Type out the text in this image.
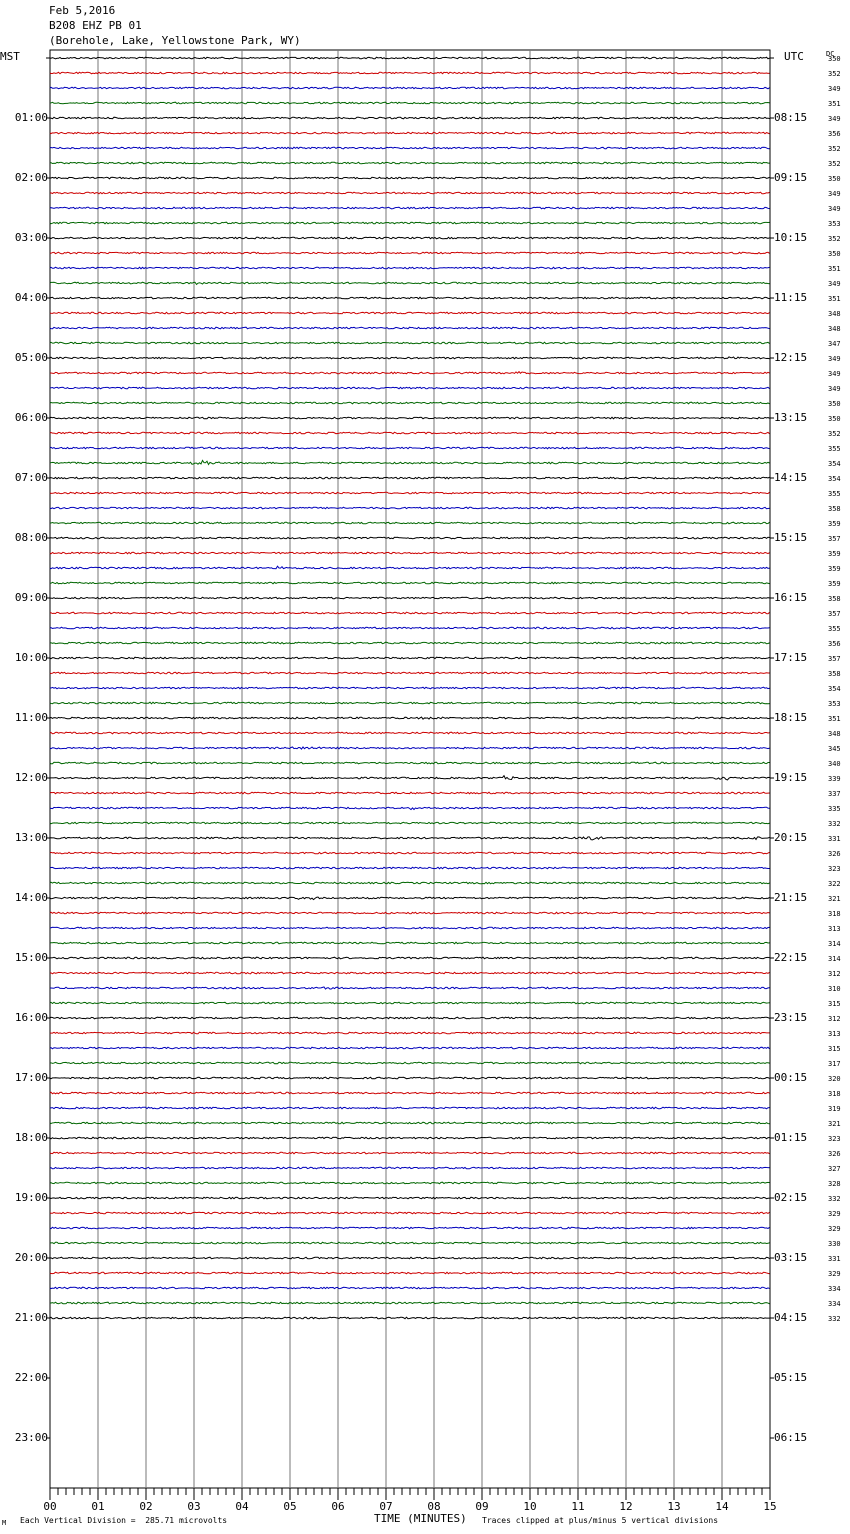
Feb 5,2016
B208 EHZ PB 01
(Borehole, Lake, Yellowstone Park, WY)
MST	UTC	DC
01:00
02:00
03:00
04:00
05:00
06:00
07:00
08:00
09:00
10:00
11:00
12:00
13:00
14:00
15:00
16:00
17:00
18:00
19:00
20:00
21:00
22:00
23:00
08:15
09:15
10:15
11:15
12:15
13:15
14:15
15:15
16:15
17:15
18:15
19:15
20:15
21:15
22:15
23:15
00:15
01:15
02:15
03:15
04:15
05:15
06:15
350
352
349
351
349
356
352
352
350
349
349
353
352
350
351
349
351
348
348
347
349
349
349
350
350
352
355
354
354
355
358
359
357
359
359
359
358
357
355
356
357
358
354
353
351
348
345
340
339
337
335
332
331
326
323
322
321
318
313
314
314
312
310
315
312
313
315
317
320
318
319
321
323
326
327
328
332
329
329
330
331
329
334
334
332
00	01	02	03	04	05	06	07	08	09	10	11	12	13	14	15
M Each Vertical Division =  285.71 microvolts	TIME (MINUTES) Traces clipped at plus/minus 5 vertical divisions
